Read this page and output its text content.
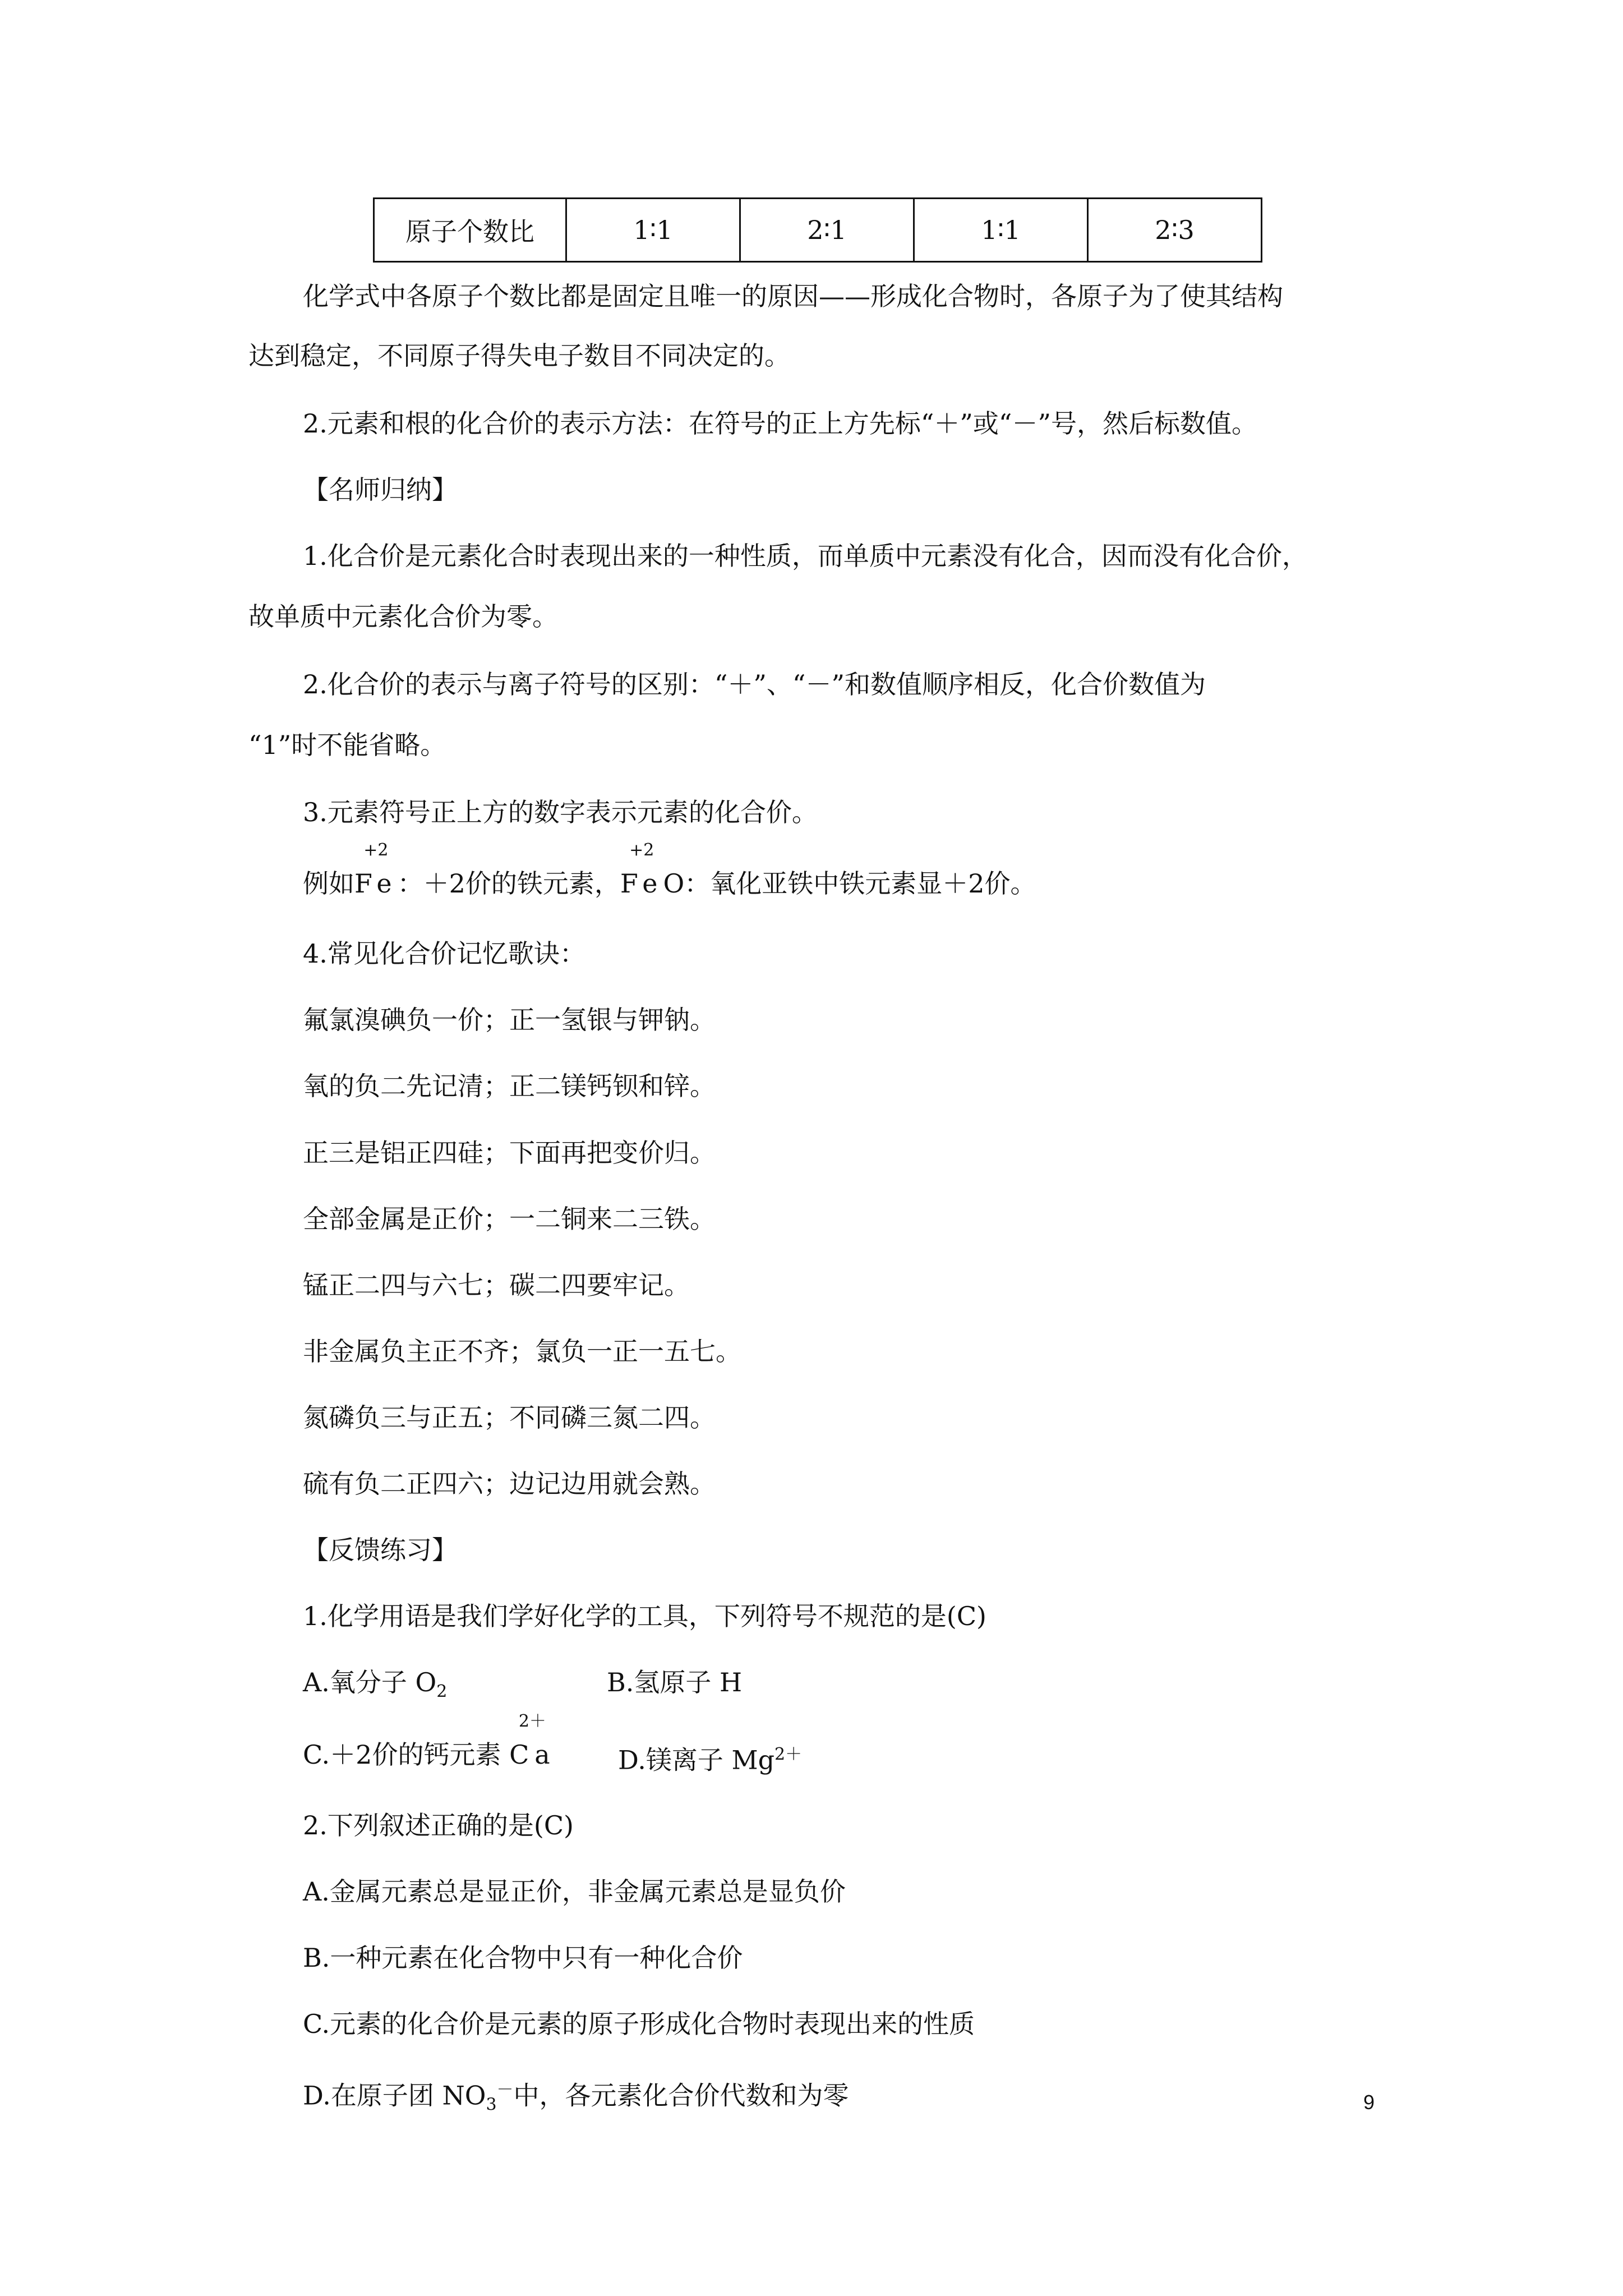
原子个数比	1∶1	2∶1	1∶1	2∶3
化学式中各原子个数比都是固定且唯一的原因——形成化合物时，各原子为了使其结构
达到稳定，不同原子得失电子数目不同决定的。
2.元素和根的化合价的表示方法：在符号的正上方先标“＋”或“－”号，然后标数值。
【名师归纳】
1.化合价是元素化合时表现出来的一种性质，而单质中元素没有化合，因而没有化合价，
故单质中元素化合价为零。
2.化合价的表示与离子符号的区别：“＋”、“－”和数值顺序相反，化合价数值为
“1”时不能省略。
3.元素符号正上方的数字表示元素的化合价。
例如Fe
+2
：＋2价的铁元素，Fe
+2
O：氧化亚铁中铁元素显＋2价。
4.常见化合价记忆歌诀：
氟氯溴碘负一价；正一氢银与钾钠。
氧的负二先记清；正二镁钙钡和锌。
正三是铝正四硅；下面再把变价归。
全部金属是正价；一二铜来二三铁。
锰正二四与六七；碳二四要牢记。
非金属负主正不齐；氯负一正一五七。
氮磷负三与正五；不同磷三氮二四。
硫有负二正四六；边记边用就会熟。
【反馈练习】
1.化学用语是我们学好化学的工具，下列符号不规范的是(C)
A.氧分子 $O_2$	B.氢原子 H
C.＋2价的钙元素 Ca
2＋
D.镁离子 $Mg^{2+}$
2.下列叙述正确的是(C)
A.金属元素总是显正价，非金属元素总是显负价
B.一种元素在化合物中只有一种化合价
C.元素的化合价是元素的原子形成化合物时表现出来的性质
D.在原子团 $NO_3^-$中，各元素化合价代数和为零	9
